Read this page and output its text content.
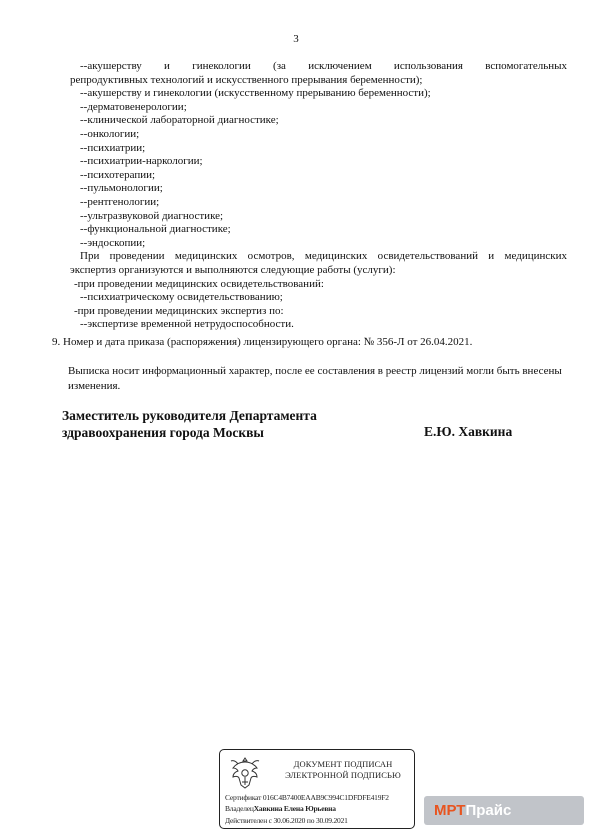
3
--акушерству и гинекологии (за исключением использования вспомогательных
репродуктивных технологий и искусственного прерывания беременности);
--акушерству и гинекологии (искусственному прерыванию беременности);
--дерматовенерологии;
--клинической лабораторной диагностике;
--онкологии;
--психиатрии;
--психиатрии-наркологии;
--психотерапии;
--пульмонологии;
--рентгенологии;
--ультразвуковой диагностике;
--функциональной диагностике;
--эндоскопии;
При проведении медицинских осмотров, медицинских освидетельствований и медицинских
экспертиз организуются и выполняются следующие работы (услуги):
-при проведении медицинских освидетельствований:
--психиатрическому освидетельствованию;
-при проведении медицинских экспертиз по:
--экспертизе временной нетрудоспособности.
9. Номер и дата приказа (распоряжения) лицензирующего органа: № 356-Л от 26.04.2021.
Выписка носит информационный характер, после ее составления в реестр лицензий могли быть внесены изменения.
Заместитель руководителя Департамента
здравоохранения города Москвы	Е.Ю. Хавкина
ДОКУМЕНТ ПОДПИСАН
ЭЛЕКТРОННОЙ ПОДПИСЬЮ
Сертификат 016C4B7400EAAB9C994C1DFDFE419F2
ВладелецХавкина Елена Юрьевна
Действителен с 30.06.2020 по 30.09.2021
МРТПрайс
